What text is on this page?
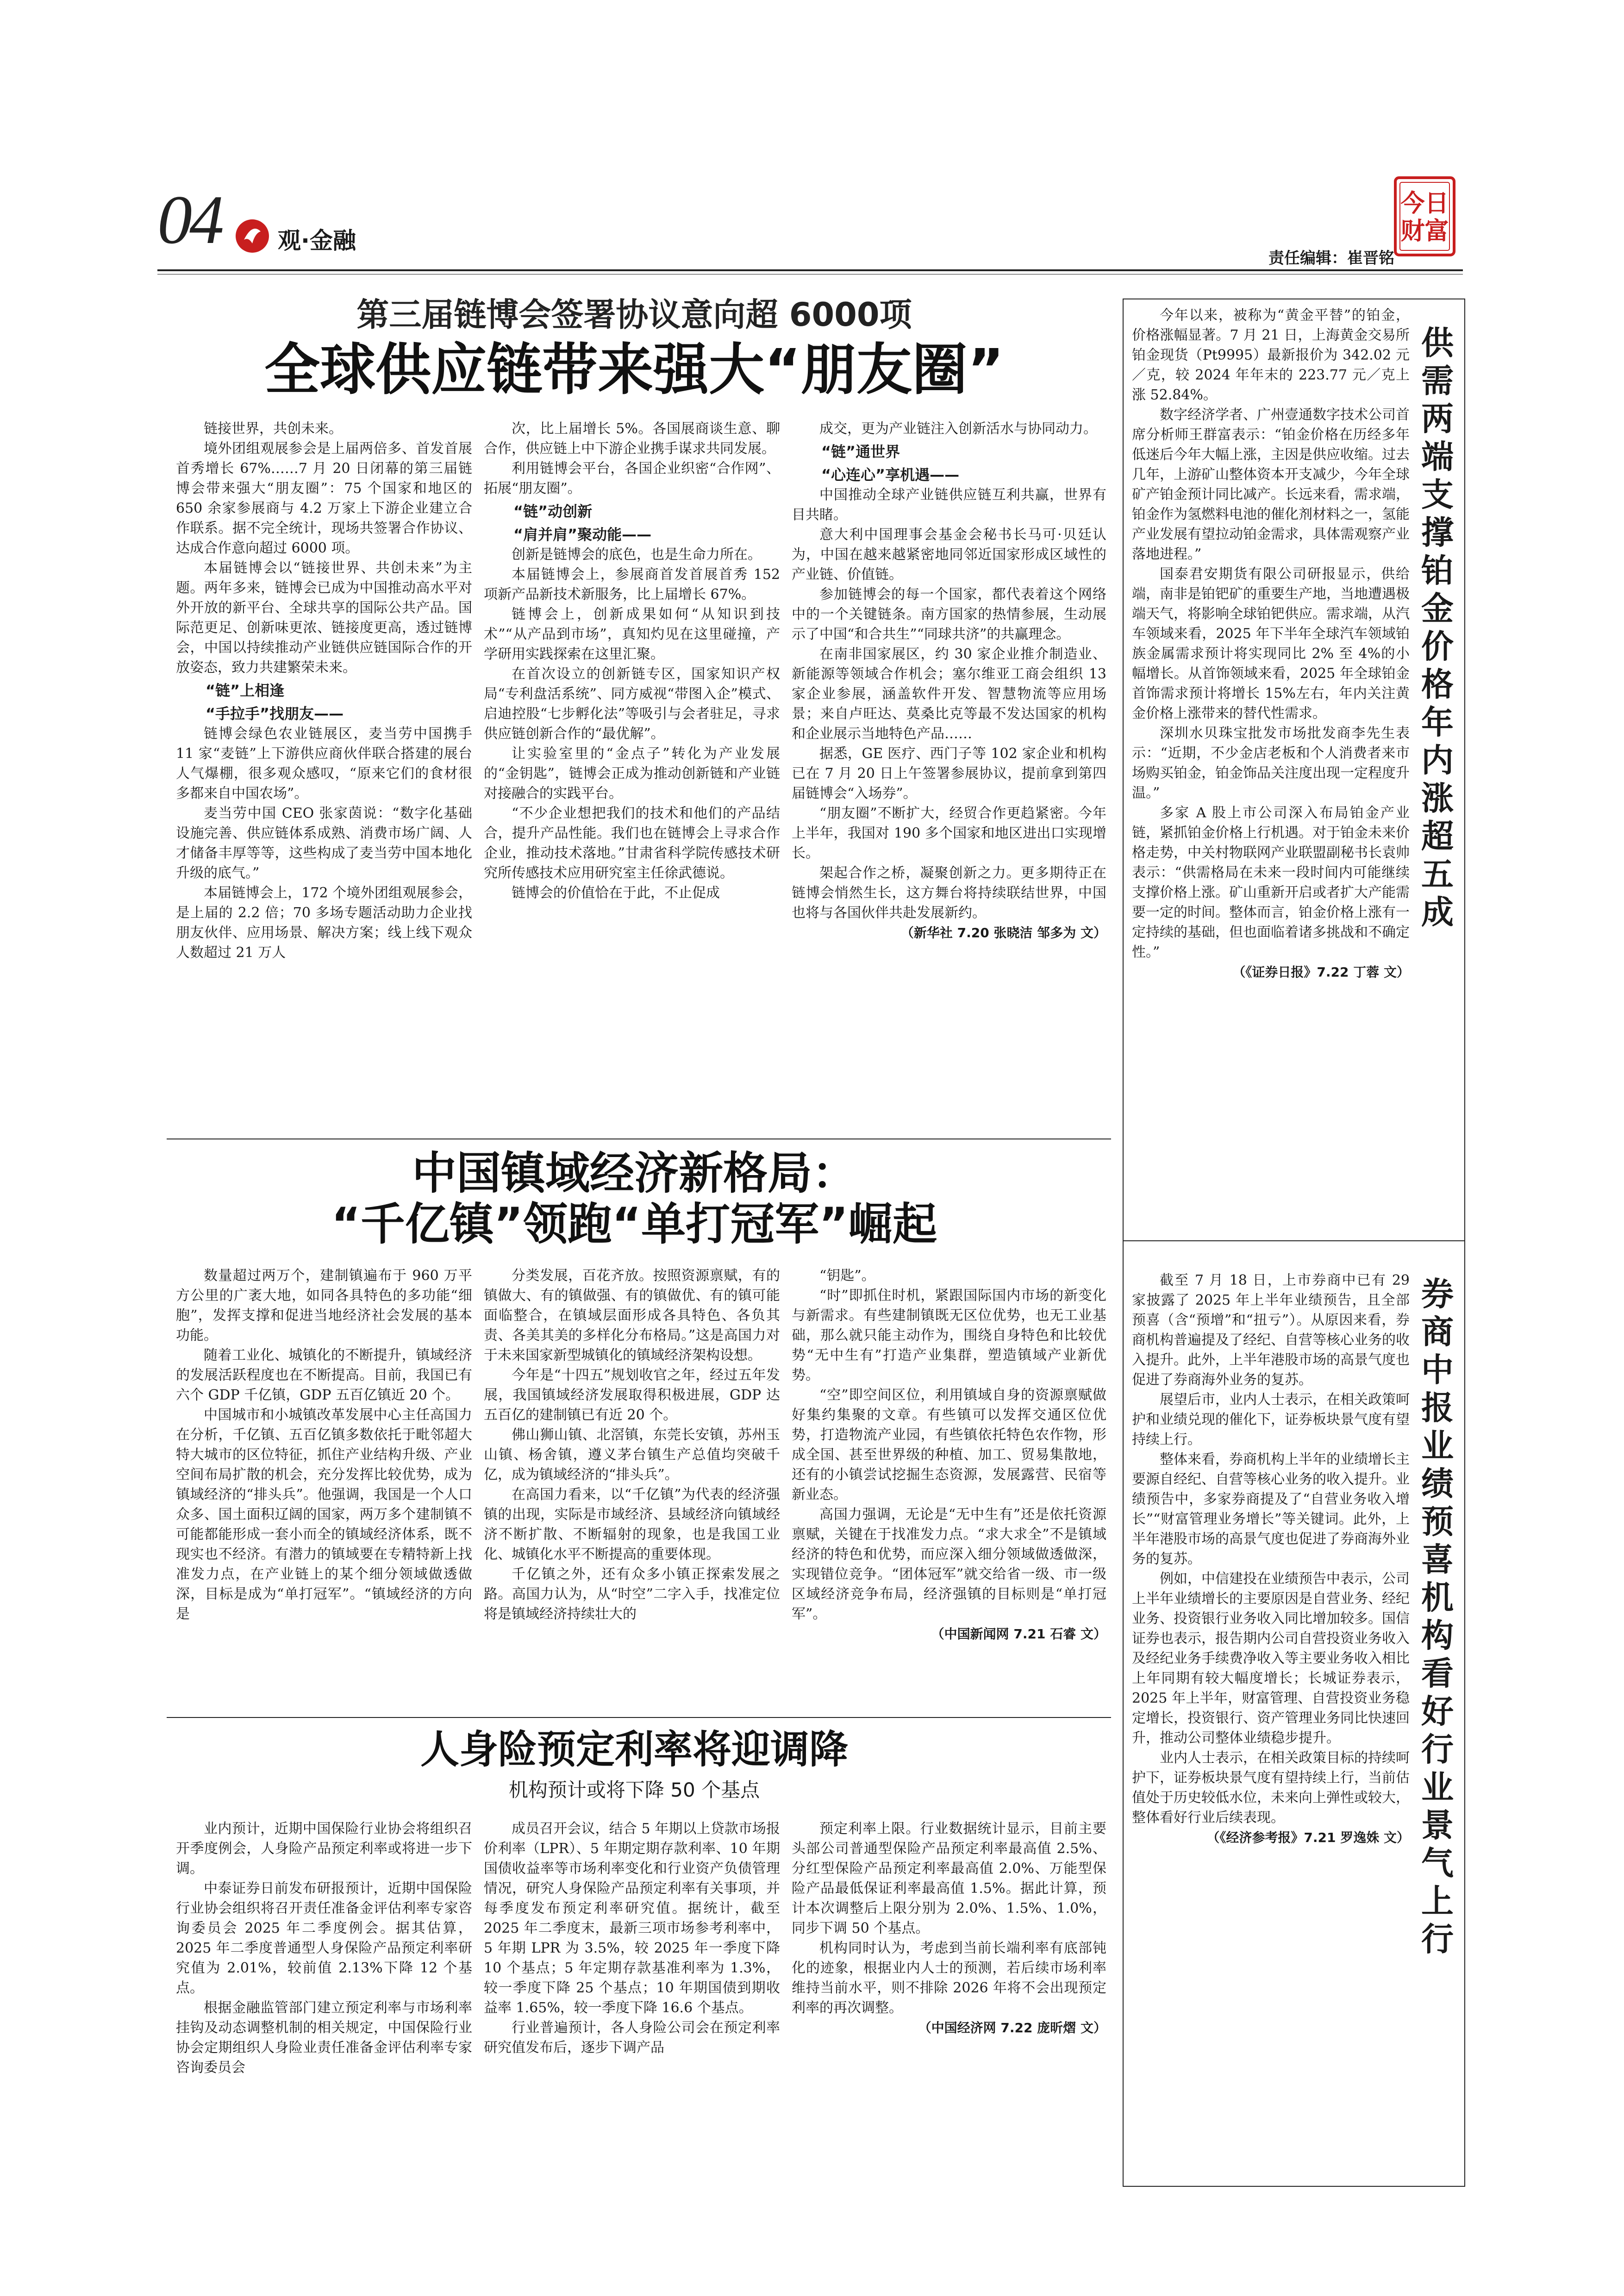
04 观·金融
责任编辑：崔晋铭
今日财富
第三届链博会签署协议意向超 6000项
全球供应链带来强大“朋友圈”

链接世界，共创未来。

境外团组观展参会是上届两倍多、首发首展首秀增长 67%……7 月 20 日闭幕的第三届链博会带来强大“朋友圈”：75 个国家和地区的 650 余家参展商与 4.2 万家上下游企业建立合作联系。据不完全统计，现场共签署合作协议、达成合作意向超过 6000 项。

本届链博会以“链接世界、共创未来”为主题。两年多来，链博会已成为中国推动高水平对外开放的新平台、全球共享的国际公共产品。国际范更足、创新味更浓、链接度更高，透过链博会，中国以持续推动产业链供应链国际合作的开放姿态，致力共建繁荣未来。

“链”上相逢

“手拉手”找朋友——

链博会绿色农业链展区，麦当劳中国携手 11 家“麦链”上下游供应商伙伴联合搭建的展台人气爆棚，很多观众感叹，“原来它们的食材很多都来自中国农场”。

麦当劳中国 CEO 张家茵说：“数字化基础设施完善、供应链体系成熟、消费市场广阔、人才储备丰厚等等，这些构成了麦当劳中国本地化升级的底气。”

本届链博会上，172 个境外团组观展参会，是上届的 2.2 倍；70 多场专题活动助力企业找朋友伙伴、应用场景、解决方案；线上线下观众人数超过 21 万人

次，比上届增长 5%。各国展商谈生意、聊合作，供应链上中下游企业携手谋求共同发展。

利用链博会平台，各国企业织密“合作网”、拓展“朋友圈”。

“链”动创新

“肩并肩”聚动能——

创新是链博会的底色，也是生命力所在。

本届链博会上，参展商首发首展首秀 152 项新产品新技术新服务，比上届增长 67%。

链博会上，创新成果如何“从知识到技术”“从产品到市场”，真知灼见在这里碰撞，产学研用实践探索在这里汇聚。

在首次设立的创新链专区，国家知识产权局“专利盘活系统”、同方威视“带图入企”模式、启迪控股“七步孵化法”等吸引与会者驻足，寻求供应链创新合作的“最优解”。

让实验室里的“金点子”转化为产业发展的“金钥匙”，链博会正成为推动创新链和产业链对接融合的实践平台。

“不少企业想把我们的技术和他们的产品结合，提升产品性能。我们也在链博会上寻求合作企业，推动技术落地。”甘肃省科学院传感技术研究所传感技术应用研究室主任徐武德说。

链博会的价值恰在于此，不止促成

成交，更为产业链注入创新活水与协同动力。

“链”通世界

“心连心”享机遇——

中国推动全球产业链供应链互利共赢，世界有目共睹。

意大利中国理事会基金会秘书长马可·贝廷认为，中国在越来越紧密地同邻近国家形成区域性的产业链、价值链。

参加链博会的每一个国家，都代表着这个网络中的一个关键链条。南方国家的热情参展，生动展示了中国“和合共生”“同球共济”的共赢理念。

在南非国家展区，约 30 家企业推介制造业、新能源等领域合作机会；塞尔维亚工商会组织 13 家企业参展，涵盖软件开发、智慧物流等应用场景；来自卢旺达、莫桑比克等最不发达国家的机构和企业展示当地特色产品……

据悉，GE 医疗、西门子等 102 家企业和机构已在 7 月 20 日上午签署参展协议，提前拿到第四届链博会“入场券”。

“朋友圈”不断扩大，经贸合作更趋紧密。今年上半年，我国对 190 多个国家和地区进出口实现增长。

架起合作之桥，凝聚创新之力。更多期待正在链博会悄然生长，这方舞台将持续联结世界，中国也将与各国伙伴共赴发展新约。

（新华社 7.20 张晓洁 邹多为 文）

中国镇域经济新格局：
“千亿镇”领跑“单打冠军”崛起

数量超过两万个，建制镇遍布于 960 万平方公里的广袤大地，如同各具特色的多功能“细胞”，发挥支撑和促进当地经济社会发展的基本功能。

随着工业化、城镇化的不断提升，镇域经济的发展活跃程度也在不断提高。目前，我国已有六个 GDP 千亿镇，GDP 五百亿镇近 20 个。

中国城市和小城镇改革发展中心主任高国力在分析，千亿镇、五百亿镇多数依托于毗邻超大特大城市的区位特征，抓住产业结构升级、产业空间布局扩散的机会，充分发挥比较优势，成为镇域经济的“排头兵”。他强调，我国是一个人口众多、国土面积辽阔的国家，两万多个建制镇不可能都能形成一套小而全的镇域经济体系，既不现实也不经济。有潜力的镇域要在专精特新上找准发力点，在产业链上的某个细分领域做透做深，目标是成为“单打冠军”。“镇域经济的方向是

分类发展，百花齐放。按照资源禀赋，有的镇做大、有的镇做强、有的镇做优、有的镇可能面临整合，在镇域层面形成各具特色、各负其责、各美其美的多样化分布格局。”这是高国力对于未来国家新型城镇化的镇域经济架构设想。

今年是“十四五”规划收官之年，经过五年发展，我国镇域经济发展取得积极进展，GDP 达五百亿的建制镇已有近 20 个。

佛山狮山镇、北滘镇，东莞长安镇，苏州玉山镇、杨舍镇，遵义茅台镇生产总值均突破千亿，成为镇域经济的“排头兵”。

在高国力看来，以“千亿镇”为代表的经济强镇的出现，实际是市域经济、县域经济向镇域经济不断扩散、不断辐射的现象，也是我国工业化、城镇化水平不断提高的重要体现。

千亿镇之外，还有众多小镇正探索发展之路。高国力认为，从“时空”二字入手，找准定位将是镇域经济持续壮大的

“钥匙”。

“时”即抓住时机，紧跟国际国内市场的新变化与新需求。有些建制镇既无区位优势，也无工业基础，那么就只能主动作为，围绕自身特色和比较优势“无中生有”打造产业集群，塑造镇域产业新优势。

“空”即空间区位，利用镇域自身的资源禀赋做好集约集聚的文章。有些镇可以发挥交通区位优势，打造物流产业园，有些镇依托特色农作物，形成全国、甚至世界级的种植、加工、贸易集散地，还有的小镇尝试挖掘生态资源，发展露营、民宿等新业态。

高国力强调，无论是“无中生有”还是依托资源禀赋，关键在于找准发力点。“求大求全”不是镇域经济的特色和优势，而应深入细分领域做透做深，实现错位竞争。“团体冠军”就交给省一级、市一级区域经济竞争布局，经济强镇的目标则是“单打冠军”。

（中国新闻网 7.21 石睿 文）

人身险预定利率将迎调降
机构预计或将下降 50 个基点

业内预计，近期中国保险行业协会将组织召开季度例会，人身险产品预定利率或将进一步下调。

中泰证券日前发布研报预计，近期中国保险行业协会组织将召开责任准备金评估利率专家咨询委员会 2025 年二季度例会。据其估算，2025 年二季度普通型人身保险产品预定利率研究值为 2.01%，较前值 2.13%下降 12 个基点。

根据金融监管部门建立预定利率与市场利率挂钩及动态调整机制的相关规定，中国保险行业协会定期组织人身险业责任准备金评估利率专家咨询委员会

成员召开会议，结合 5 年期以上贷款市场报价利率（LPR）、5 年期定期存款利率、10 年期国债收益率等市场利率变化和行业资产负债管理情况，研究人身保险产品预定利率有关事项，并每季度发布预定利率研究值。据统计，截至 2025 年二季度末，最新三项市场参考利率中，5 年期 LPR 为 3.5%，较 2025 年一季度下降 10 个基点；5 年定期存款基准利率为 1.3%，较一季度下降 25 个基点；10 年期国债到期收益率 1.65%，较一季度下降 16.6 个基点。

行业普遍预计，各人身险公司会在预定利率研究值发布后，逐步下调产品

预定利率上限。行业数据统计显示，目前主要头部公司普通型保险产品预定利率最高值 2.5%、分红型保险产品预定利率最高值 2.0%、万能型保险产品最低保证利率最高值 1.5%。据此计算，预计本次调整后上限分别为 2.0%、1.5%、1.0%，同步下调 50 个基点。

机构同时认为，考虑到当前长端利率有底部钝化的迹象，根据业内人士的预测，若后续市场利率维持当前水平，则不排除 2026 年将不会出现预定利率的再次调整。

（中国经济网 7.22 庞昕熠 文）

今年以来，被称为“黄金平替”的铂金，价格涨幅显著。7 月 21 日，上海黄金交易所铂金现货（Pt9995）最新报价为 342.02 元／克，较 2024 年年末的 223.77 元／克上涨 52.84%。

数字经济学者、广州壹通数字技术公司首席分析师王群富表示：“铂金价格在历经多年低迷后今年大幅上涨，主因是供应收缩。过去几年，上游矿山整体资本开支减少，今年全球矿产铂金预计同比减产。长远来看，需求端，铂金作为氢燃料电池的催化剂材料之一，氢能产业发展有望拉动铂金需求，具体需观察产业落地进程。”

国泰君安期货有限公司研报显示，供给端，南非是铂钯矿的重要生产地，当地遭遇极端天气，将影响全球铂钯供应。需求端，从汽车领域来看，2025 年下半年全球汽车领域铂族金属需求预计将实现同比 2% 至 4%的小幅增长。从首饰领域来看，2025 年全球铂金首饰需求预计将增长 15%左右，年内关注黄金价格上涨带来的替代性需求。

深圳水贝珠宝批发市场批发商李先生表示：“近期，不少金店老板和个人消费者来市场购买铂金，铂金饰品关注度出现一定程度升温。”

多家 A 股上市公司深入布局铂金产业链，紧抓铂金价格上行机遇。对于铂金未来价格走势，中关村物联网产业联盟副秘书长袁帅表示：“供需格局在未来一段时间内可能继续支撑价格上涨。矿山重新开启或者扩大产能需要一定的时间。整体而言，铂金价格上涨有一定持续的基础，但也面临着诸多挑战和不确定性。”

（《证券日报》7.22 丁蓉 文）

供需两端支撑 铂金价格年内涨超五成

截至 7 月 18 日，上市券商中已有 29 家披露了 2025 年上半年业绩预告，且全部预喜（含“预增”和“扭亏”）。从原因来看，券商机构普遍提及了经纪、自营等核心业务的收入提升。此外，上半年港股市场的高景气度也促进了券商海外业务的复苏。

展望后市，业内人士表示，在相关政策呵护和业绩兑现的催化下，证券板块景气度有望持续上行。

整体来看，券商机构上半年的业绩增长主要源自经纪、自营等核心业务的收入提升。业绩预告中，多家券商提及了“自营业务收入增长”“财富管理业务增长”等关键词。此外，上半年港股市场的高景气度也促进了券商海外业务的复苏。

例如，中信建投在业绩预告中表示，公司上半年业绩增长的主要原因是自营业务、经纪业务、投资银行业务收入同比增加较多。国信证券也表示，报告期内公司自营投资业务收入及经纪业务手续费净收入等主要业务收入相比上年同期有较大幅度增长；长城证券表示，2025 年上半年，财富管理、自营投资业务稳定增长，投资银行、资产管理业务同比快速回升，推动公司整体业绩稳步提升。

业内人士表示，在相关政策目标的持续呵护下，证券板块景气度有望持续上行，当前估值处于历史较低水位，未来向上弹性或较大，整体看好行业后续表现。

（《经济参考报》7.21 罗逸姝 文）

券商中报业绩预喜 机构看好行业景气上行
